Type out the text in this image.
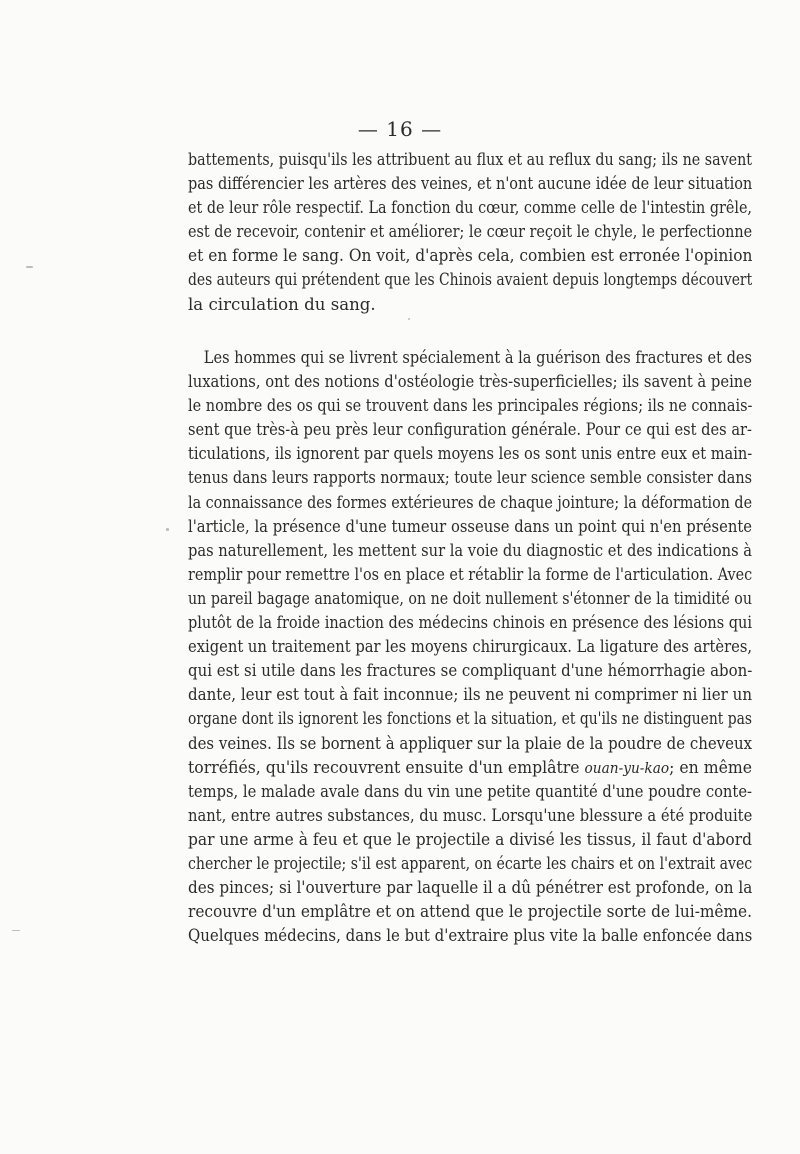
— 16 —
battements, puisqu'ils les attribuent au flux et au reflux du sang; ils ne savent
pas différencier les artères des veines, et n'ont aucune idée de leur situation
et de leur rôle respectif. La fonction du cœur, comme celle de l'intestin grêle,
est de recevoir, contenir et améliorer; le cœur reçoit le chyle, le perfectionne
et en forme le sang. On voit, d'après cela, combien est erronée l'opinion
des auteurs qui prétendent que les Chinois avaient depuis longtemps découvert
la circulation du sang.
Les hommes qui se livrent spécialement à la guérison des fractures et des
luxations, ont des notions d'ostéologie très-superficielles; ils savent à peine
le nombre des os qui se trouvent dans les principales régions; ils ne connais-
sent que très-à peu près leur configuration générale. Pour ce qui est des ar-
ticulations, ils ignorent par quels moyens les os sont unis entre eux et main-
tenus dans leurs rapports normaux; toute leur science semble consister dans
la connaissance des formes extérieures de chaque jointure; la déformation de
l'article, la présence d'une tumeur osseuse dans un point qui n'en présente
pas naturellement, les mettent sur la voie du diagnostic et des indications à
remplir pour remettre l'os en place et rétablir la forme de l'articulation. Avec
un pareil bagage anatomique, on ne doit nullement s'étonner de la timidité ou
plutôt de la froide inaction des médecins chinois en présence des lésions qui
exigent un traitement par les moyens chirurgicaux. La ligature des artères,
qui est si utile dans les fractures se compliquant d'une hémorrhagie abon-
dante, leur est tout à fait inconnue; ils ne peuvent ni comprimer ni lier un
organe dont ils ignorent les fonctions et la situation, et qu'ils ne distinguent pas
des veines. Ils se bornent à appliquer sur la plaie de la poudre de cheveux
torréfiés, qu'ils recouvrent ensuite d'un emplâtre ouan-yu-kao; en même
temps, le malade avale dans du vin une petite quantité d'une poudre conte-
nant, entre autres substances, du musc. Lorsqu'une blessure a été produite
par une arme à feu et que le projectile a divisé les tissus, il faut d'abord
chercher le projectile; s'il est apparent, on écarte les chairs et on l'extrait avec
des pinces; si l'ouverture par laquelle il a dû pénétrer est profonde, on la
recouvre d'un emplâtre et on attend que le projectile sorte de lui-même.
Quelques médecins, dans le but d'extraire plus vite la balle enfoncée dans
